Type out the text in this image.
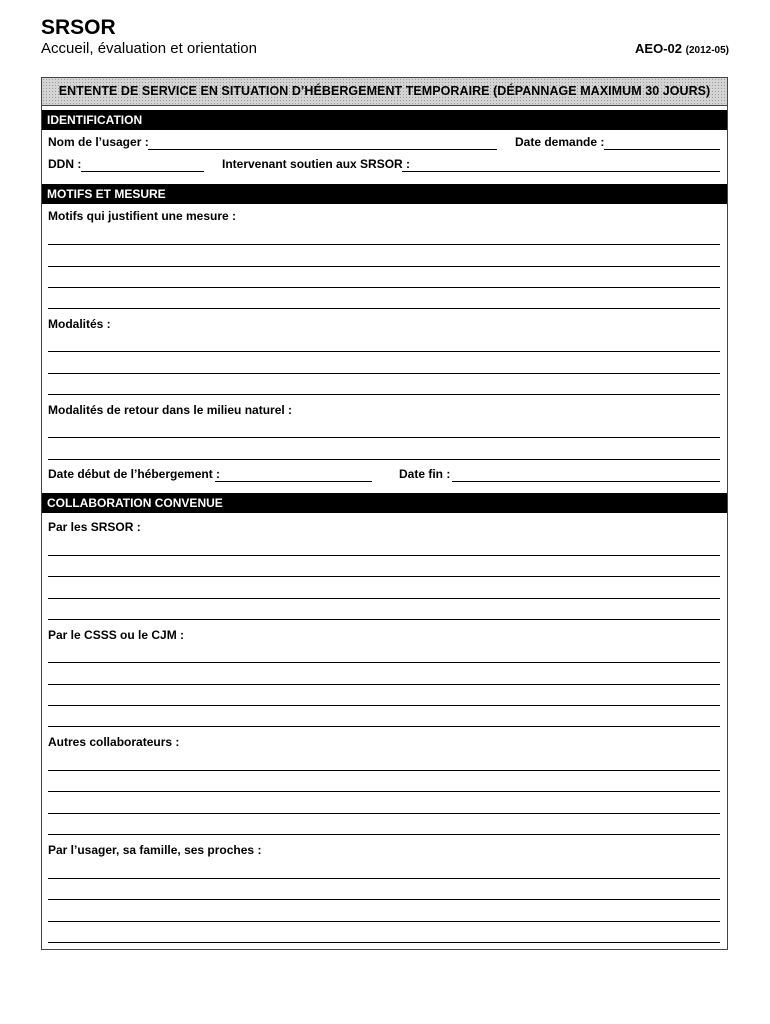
SRSOR
Accueil, évaluation et orientation	AEO-02 (2012-05)
ENTENTE DE SERVICE EN SITUATION D’HÉBERGEMENT TEMPORAIRE (DÉPANNAGE MAXIMUM 30 JOURS)
IDENTIFICATION
Nom de l’usager :	Date demande :
DDN :	Intervenant soutien aux SRSOR :
MOTIFS ET MESURE
Motifs qui justifient une mesure :
Modalités :
Modalités de retour dans le milieu naturel :
Date début de l’hébergement :	Date fin :
COLLABORATION CONVENUE
Par les SRSOR :
Par le CSSS ou le CJM :
Autres collaborateurs :
Par l’usager, sa famille, ses proches :
